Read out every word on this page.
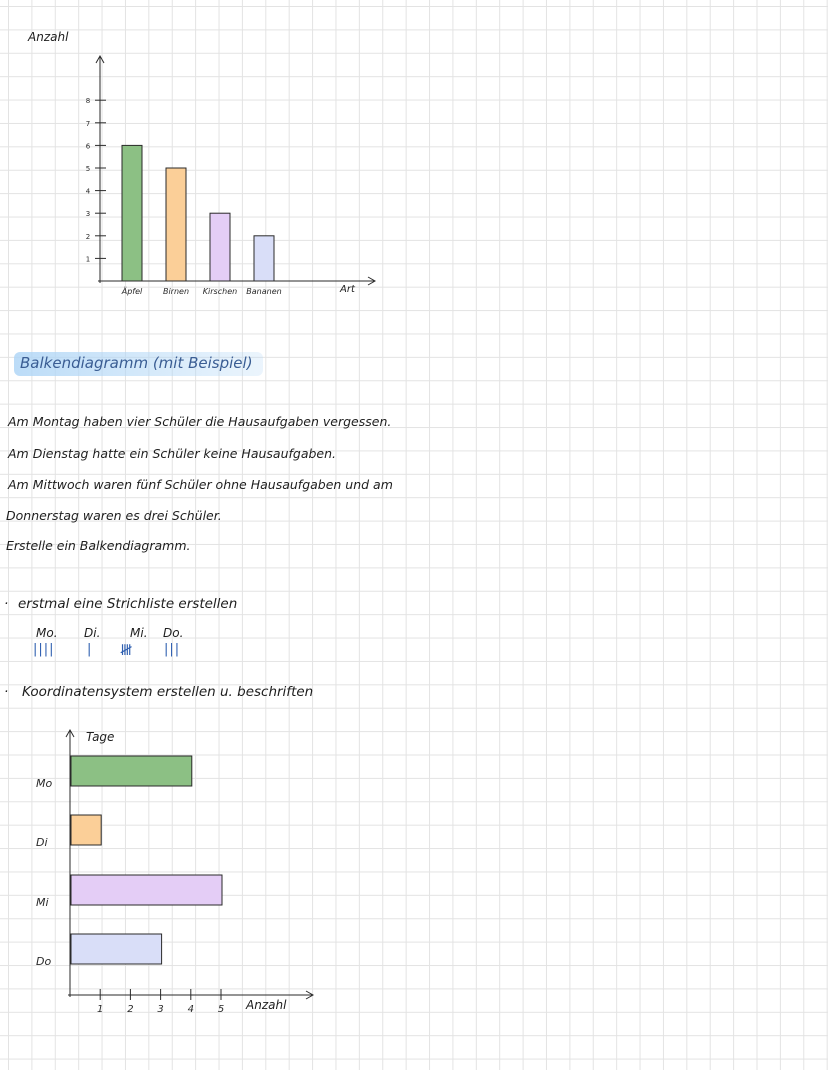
Anzahl
Art
1
2
3
4
5
6
7
8
Äpfel	Birnen Kirschen Bananen
Balkendiagramm (mit Beispiel)
Am Montag haben vier Schüler die Hausaufgaben vergessen.
Am Dienstag hatte ein Schüler keine Hausaufgaben.
Am Mittwoch waren fünf Schüler ohne Hausaufgaben und am
Donnerstag waren es drei Schüler.
Erstelle ein Balkendiagramm.
· erstmal eine Strichliste erstellen
Mo. Di. Mi. Do.
|||| | 𝍸 |||
· Koordinatensystem erstellen u. beschriften
Tage
Anzahl
1 2 3 4 5
Mo
Di
Mi
Do
